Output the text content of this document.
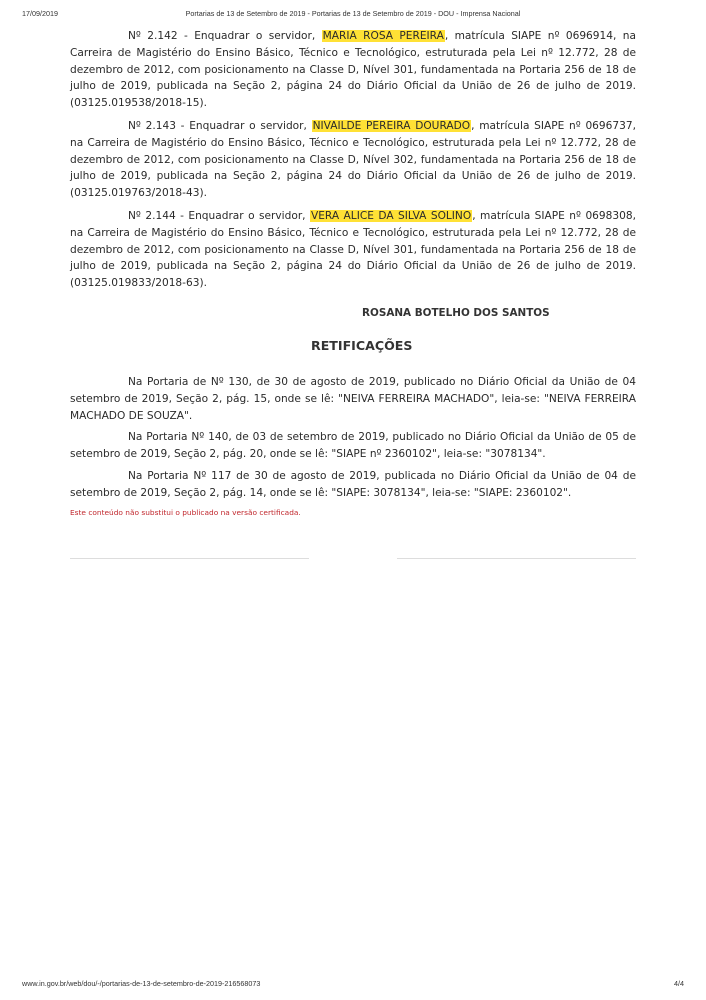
17/09/2019	Portarias de 13 de Setembro de 2019 - Portarias de 13 de Setembro de 2019 - DOU - Imprensa Nacional

Nº 2.142 - Enquadrar o servidor, MARIA ROSA PEREIRA, matrícula SIAPE nº 0696914, na Carreira de Magistério do Ensino Básico, Técnico e Tecnológico, estruturada pela Lei nº 12.772, 28 de dezembro de 2012, com posicionamento na Classe D, Nível 301, fundamentada na Portaria 256 de 18 de julho de 2019, publicada na Seção 2, página 24 do Diário Oficial da União de 26 de julho de 2019. (03125.019538/2018-15).

Nº 2.143 - Enquadrar o servidor, NIVAILDE PEREIRA DOURADO, matrícula SIAPE nº 0696737, na Carreira de Magistério do Ensino Básico, Técnico e Tecnológico, estruturada pela Lei nº 12.772, 28 de dezembro de 2012, com posicionamento na Classe D, Nível 302, fundamentada na Portaria 256 de 18 de julho de 2019, publicada na Seção 2, página 24 do Diário Oficial da União de 26 de julho de 2019. (03125.019763/2018-43).

Nº 2.144 - Enquadrar o servidor, VERA ALICE DA SILVA SOLINO, matrícula SIAPE nº 0698308, na Carreira de Magistério do Ensino Básico, Técnico e Tecnológico, estruturada pela Lei nº 12.772, 28 de dezembro de 2012, com posicionamento na Classe D, Nível 301, fundamentada na Portaria 256 de 18 de julho de 2019, publicada na Seção 2, página 24 do Diário Oficial da União de 26 de julho de 2019. (03125.019833/2018-63).

ROSANA BOTELHO DOS SANTOS
RETIFICAÇÕES

Na Portaria de Nº 130, de 30 de agosto de 2019, publicado no Diário Oficial da União de 04 setembro de 2019, Seção 2, pág. 15, onde se lê: "NEIVA FERREIRA MACHADO", leia-se: "NEIVA FERREIRA MACHADO DE SOUZA".

Na Portaria Nº 140, de 03 de setembro de 2019, publicado no Diário Oficial da União de 05 de setembro de 2019, Seção 2, pág. 20, onde se lê: "SIAPE nº 2360102", leia-se: "3078134".

Na Portaria Nº 117 de 30 de agosto de 2019, publicada no Diário Oficial da União de 04 de setembro de 2019, Seção 2, pág. 14, onde se lê: "SIAPE: 3078134", leia-se: "SIAPE: 2360102".

Este conteúdo não substitui o publicado na versão certificada.
www.in.gov.br/web/dou/-/portarias-de-13-de-setembro-de-2019-216568073	4/4
